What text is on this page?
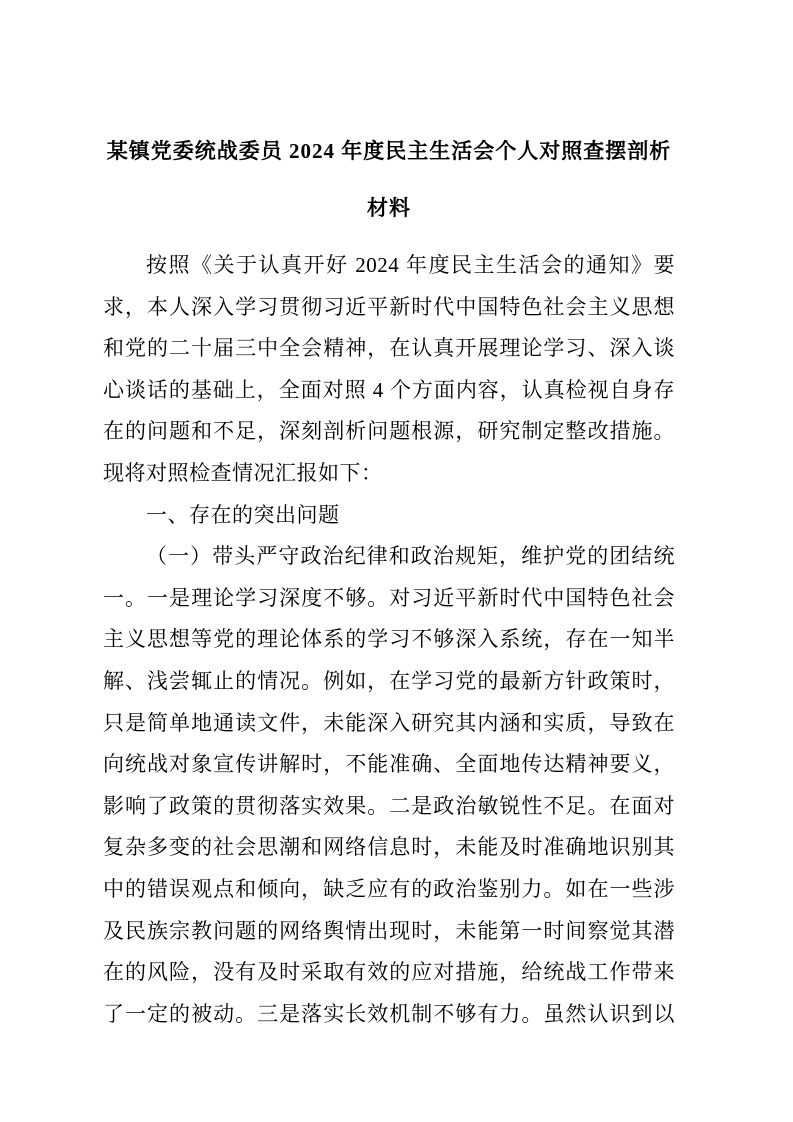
某镇党委统战委员 2024 年度民主生活会个人对照查摆剖析
材料
按照《关于认真开好 2024 年度民主生活会的通知》要
求，本人深入学习贯彻习近平新时代中国特色社会主义思想
和党的二十届三中全会精神，在认真开展理论学习、深入谈
心谈话的基础上，全面对照 4 个方面内容，认真检视自身存
在的问题和不足，深刻剖析问题根源，研究制定整改措施。
现将对照检查情况汇报如下：
一、存在的突出问题
（一）带头严守政治纪律和政治规矩，维护党的团结统
一。一是理论学习深度不够。对习近平新时代中国特色社会
主义思想等党的理论体系的学习不够深入系统，存在一知半
解、浅尝辄止的情况。例如，在学习党的最新方针政策时，
只是简单地通读文件，未能深入研究其内涵和实质，导致在
向统战对象宣传讲解时，不能准确、全面地传达精神要义，
影响了政策的贯彻落实效果。二是政治敏锐性不足。在面对
复杂多变的社会思潮和网络信息时，未能及时准确地识别其
中的错误观点和倾向，缺乏应有的政治鉴别力。如在一些涉
及民族宗教问题的网络舆情出现时，未能第一时间察觉其潜
在的风险，没有及时采取有效的应对措施，给统战工作带来
了一定的被动。三是落实长效机制不够有力。虽然认识到以
